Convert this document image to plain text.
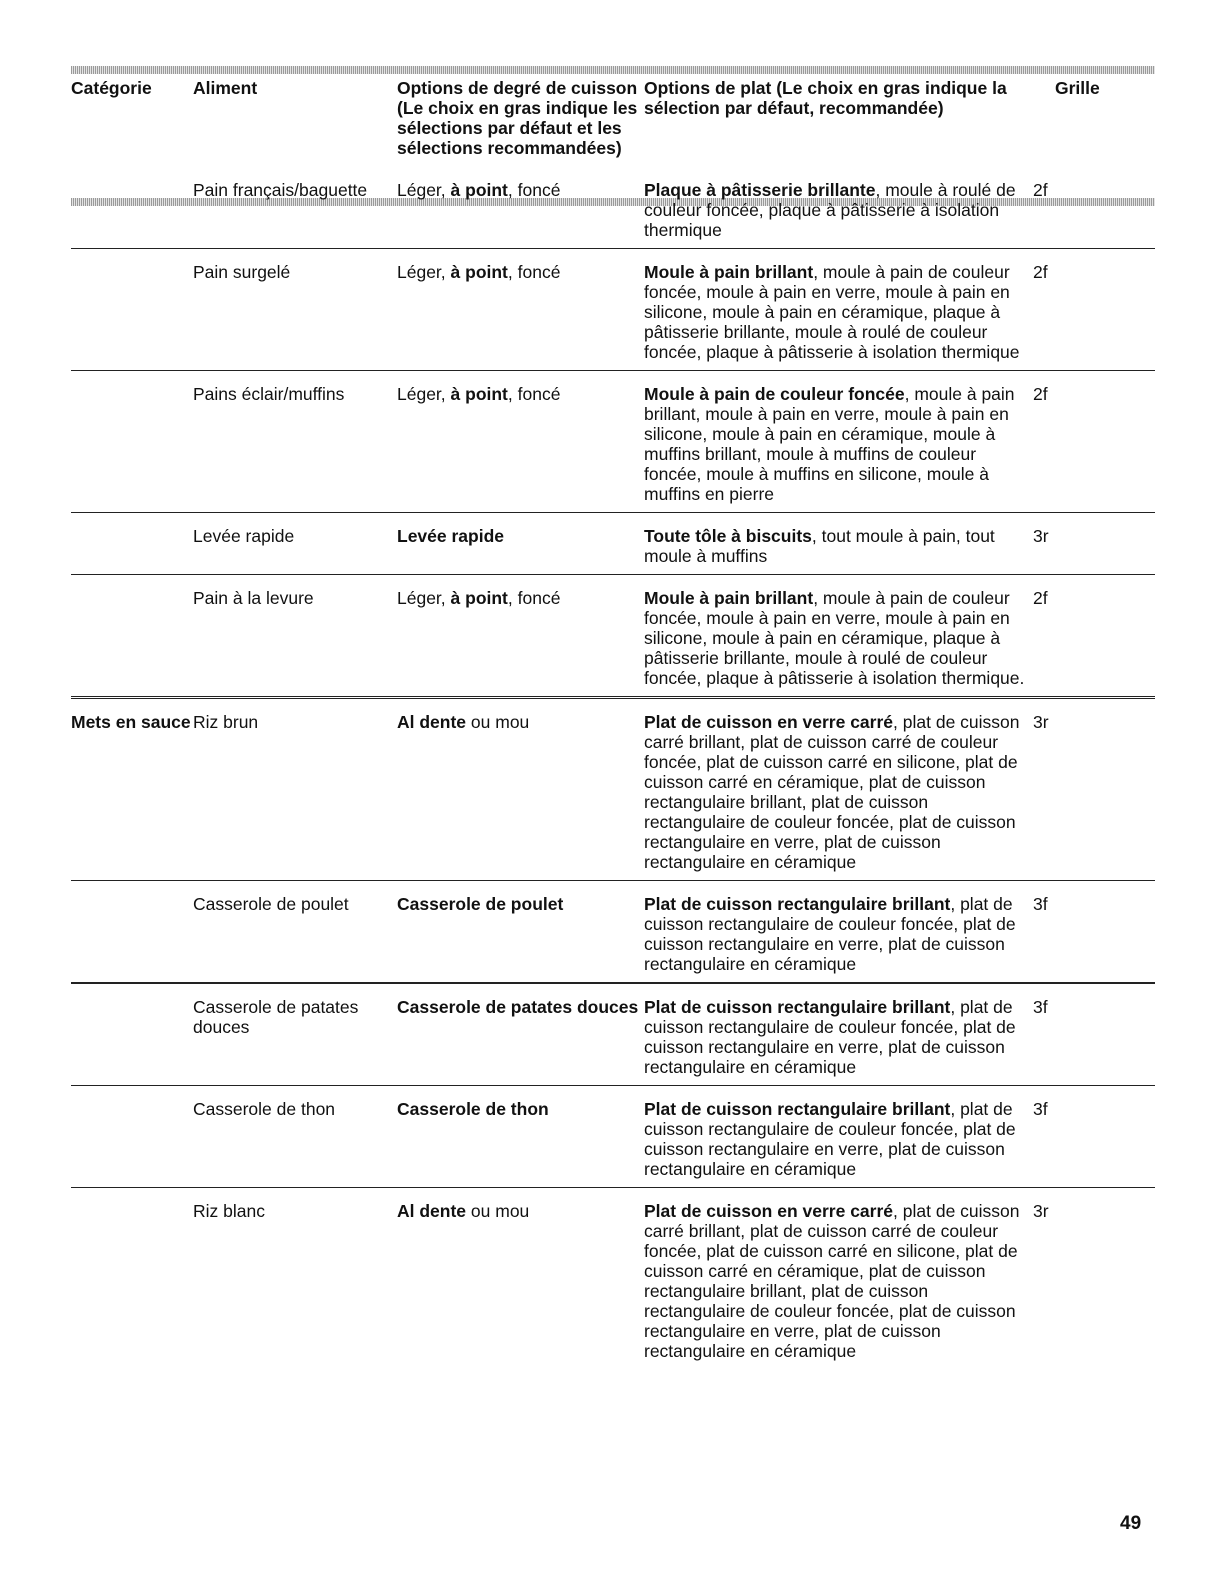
Catégorie	Aliment	Options de degré de cuisson (Le choix en gras indique les sélections par défaut et les sélections recommandées)	Options de plat (Le choix en gras indique la sélection par défaut, recommandée)	Grille
	Pain français/baguette	Léger, à point, foncé	Plaque à pâtisserie brillante, moule à roulé de couleur foncée, plaque à pâtisserie à isolation thermique	2f
	Pain surgelé	Léger, à point, foncé	Moule à pain brillant, moule à pain de couleur foncée, moule à pain en verre, moule à pain en silicone, moule à pain en céramique, plaque à pâtisserie brillante, moule à roulé de couleur foncée, plaque à pâtisserie à isolation thermique	2f
	Pains éclair/muffins	Léger, à point, foncé	Moule à pain de couleur foncée, moule à pain brillant, moule à pain en verre, moule à pain en silicone, moule à pain en céramique, moule à muffins brillant, moule à muffins de couleur foncée, moule à muffins en silicone, moule à muffins en pierre	2f
	Levée rapide	Levée rapide	Toute tôle à biscuits, tout moule à pain, tout moule à muffins	3r
	Pain à la levure	Léger, à point, foncé	Moule à pain brillant, moule à pain de couleur foncée, moule à pain en verre, moule à pain en silicone, moule à pain en céramique, plaque à pâtisserie brillante, moule à roulé de couleur foncée, plaque à pâtisserie à isolation thermique.	2f
Mets en sauce	Riz brun	Al dente ou mou	Plat de cuisson en verre carré, plat de cuisson carré brillant, plat de cuisson carré de couleur foncée, plat de cuisson carré en silicone, plat de cuisson carré en céramique, plat de cuisson rectangulaire brillant, plat de cuisson rectangulaire de couleur foncée, plat de cuisson rectangulaire en verre, plat de cuisson rectangulaire en céramique	3r
	Casserole de poulet	Casserole de poulet	Plat de cuisson rectangulaire brillant, plat de cuisson rectangulaire de couleur foncée, plat de cuisson rectangulaire en verre, plat de cuisson rectangulaire en céramique	3f
	Casserole de patates douces	Casserole de patates douces	Plat de cuisson rectangulaire brillant, plat de cuisson rectangulaire de couleur foncée, plat de cuisson rectangulaire en verre, plat de cuisson rectangulaire en céramique	3f
	Casserole de thon	Casserole de thon	Plat de cuisson rectangulaire brillant, plat de cuisson rectangulaire de couleur foncée, plat de cuisson rectangulaire en verre, plat de cuisson rectangulaire en céramique	3f
	Riz blanc	Al dente ou mou	Plat de cuisson en verre carré, plat de cuisson carré brillant, plat de cuisson carré de couleur foncée, plat de cuisson carré en silicone, plat de cuisson carré en céramique, plat de cuisson rectangulaire brillant, plat de cuisson rectangulaire de couleur foncée, plat de cuisson rectangulaire en verre, plat de cuisson rectangulaire en céramique	3r
49
